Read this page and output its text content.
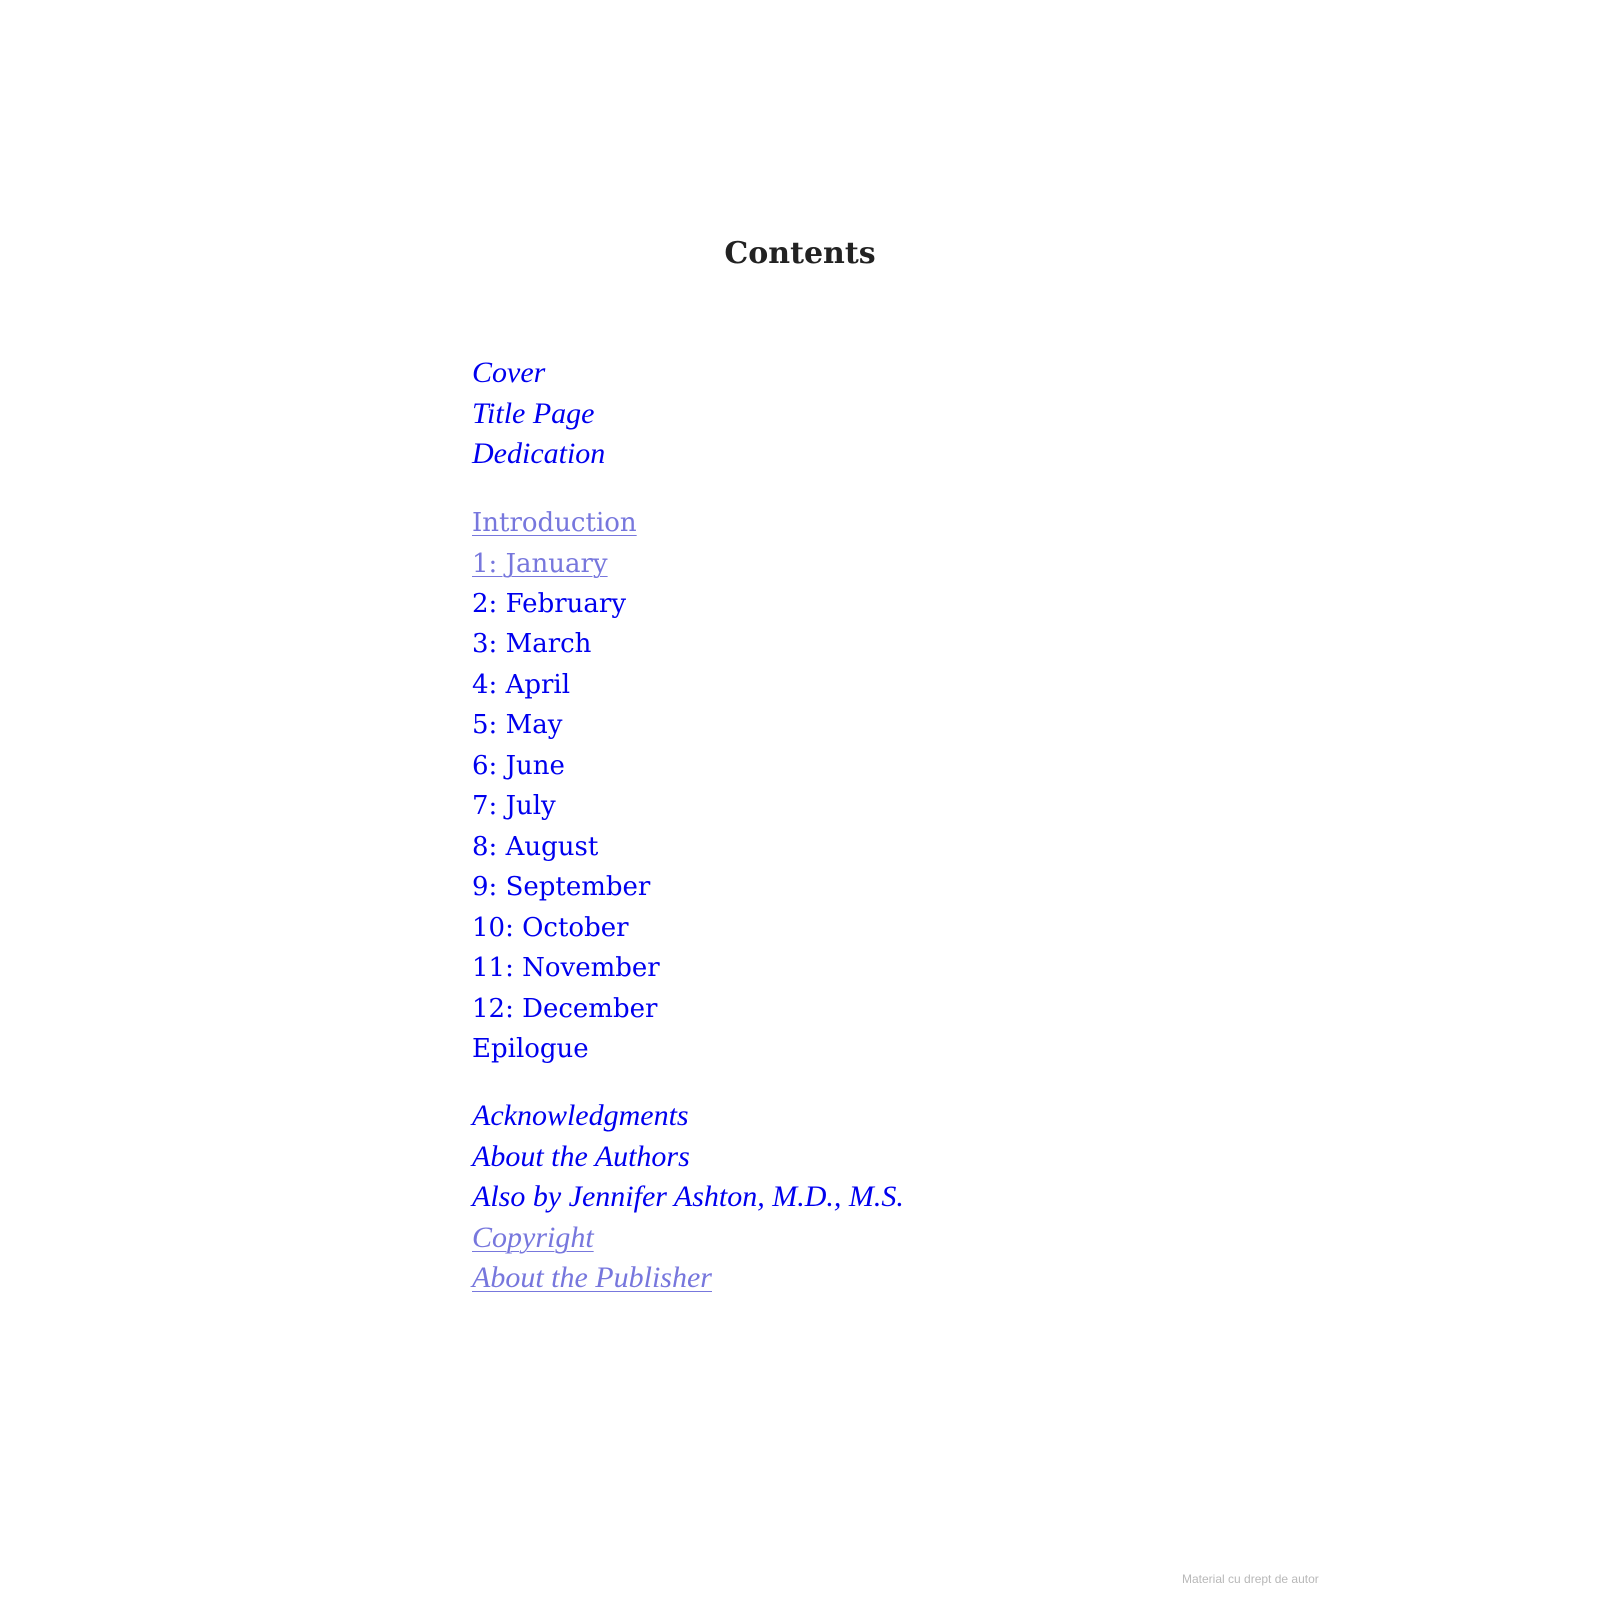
Contents
Cover
Title Page
Dedication
Introduction
1: January
2: February
3: March
4: April
5: May
6: June
7: July
8: August
9: September
10: October
11: November
12: December
Epilogue
Acknowledgments
About the Authors
Also by Jennifer Ashton, M.D., M.S.
Copyright
About the Publisher
Material cu drept de autor
